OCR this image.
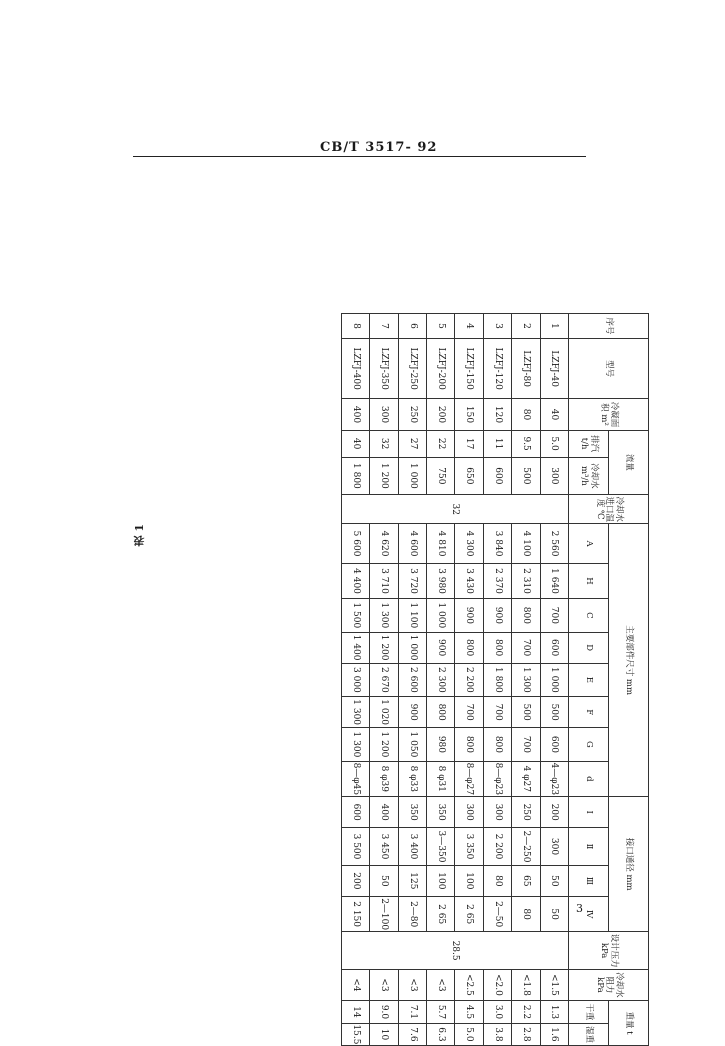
CB/T 3517- 92
表 1
3
序号	型号	冷凝面积 m²	流量		冷却水进口温度 ℃	主要部件尺寸 mm								接口通径 mm				设计压力 kPa	冷却水阻力 kPa	重量 t	
			排汽 t/h	冷却水 m³/h		A	H	C	D	E	F	G	d	Ⅰ	Ⅱ	Ⅲ	Ⅳ			干重	湿重
1	LZFJ-40	40	5.0	300	32	2 560	1 640	700	600	1 000	500	600	4—φ23	200	300	50	50	28.5	<1.5	1.3	1.6
2	LZFJ-80	80	9.5	500		4 100	2 310	800	700	1 300	500	700	4 φ27	250	2—250	65	80		<1.8	2.2	2.8
3	LZFJ-120	120	11	600		3 840	2 370	900	800	1 800	700	800	8—φ23	300	2 200	80	2—50		<2.0	3.0	3.8
4	LZFJ-150	150	17	650		4 300	3 430	900	800	2 200	700	800	8—φ27	300	3 350	100	2 65		<2.5	4.5	5.0
5	LZFJ-200	200	22	750		4 810	3 980	1 000	900	2 300	800	980	8 φ31	350	3—350	100	2 65		<3	5.7	6.3
6	LZFJ-250	250	27	1 000		4 600	3 720	1 100	1 000	2 600	900	1 050	8 φ33	350	3 400	125	2—80		<3	7.1	7.6
7	LZFJ-350	300	32	1 200		4 620	3 710	1 300	1 200	2 670	1 020	1 200	8 φ39	400	3 450	50	2—100		<3	9.0	10
8	LZFJ-400	400	40	1 800		5 600	4 400	1 500	1 400	3 000	1 300	1 300	8—φ45	600	3 500	200	2 150		<4	14	15.5
